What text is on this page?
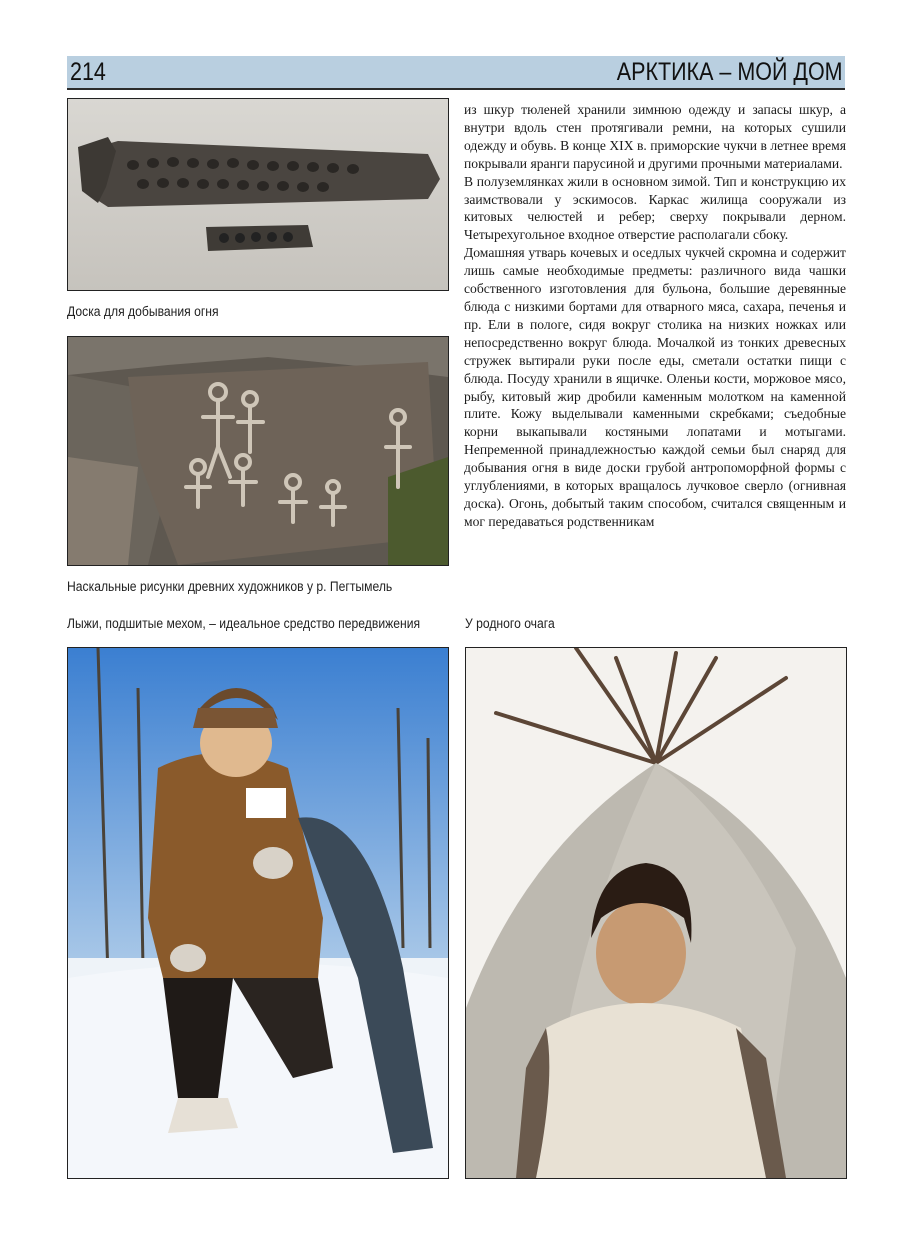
214	АРКТИКА – МОЙ ДОМ
Доска для добывания огня
Наскальные рисунки древних художников у р. Пегтымель

из шкур тюленей хранили зимнюю одежду и запасы шкур, а внутри вдоль стен протягивали ремни, на которых сушили одежду и обувь. В конце XIX в. приморские чукчи в летнее время покрывали яранги парусиной и другими прочными материалами.

В полуземлянках жили в основном зимой. Тип и конструкцию их заимствовали у эскимосов. Каркас жилища сооружали из китовых челюстей и ребер; сверху покрывали дерном. Четырехугольное входное отверстие располагали сбоку.

Домашняя утварь кочевых и оседлых чукчей скромна и содержит лишь самые необходимые предметы: различного вида чашки собственного изготовления для бульона, большие деревянные блюда с низкими бортами для отварного мяса, сахара, печенья и пр. Ели в пологе, сидя вокруг столика на низких ножках или непосредственно вокруг блюда. Мочалкой из тонких древесных стружек вытирали руки после еды, сметали остатки пищи с блюда. Посуду хранили в ящичке. Оленьи кости, моржовое мясо, рыбу, китовый жир дробили каменным молотком на каменной плите. Кожу выделывали каменными скребками; съедобные корни выкапывали костяными лопатами и мотыгами. Непременной принадлежностью каждой семьи был снаряд для добывания огня в виде доски грубой антропоморфной формы с углублениями, в которых вращалось лучковое сверло (огнивная доска). Огонь, добытый таким способом, считался священным и мог передаваться родственникам

Лыжи, подшитые мехом, – идеальное средство передвижения	У родного очага
